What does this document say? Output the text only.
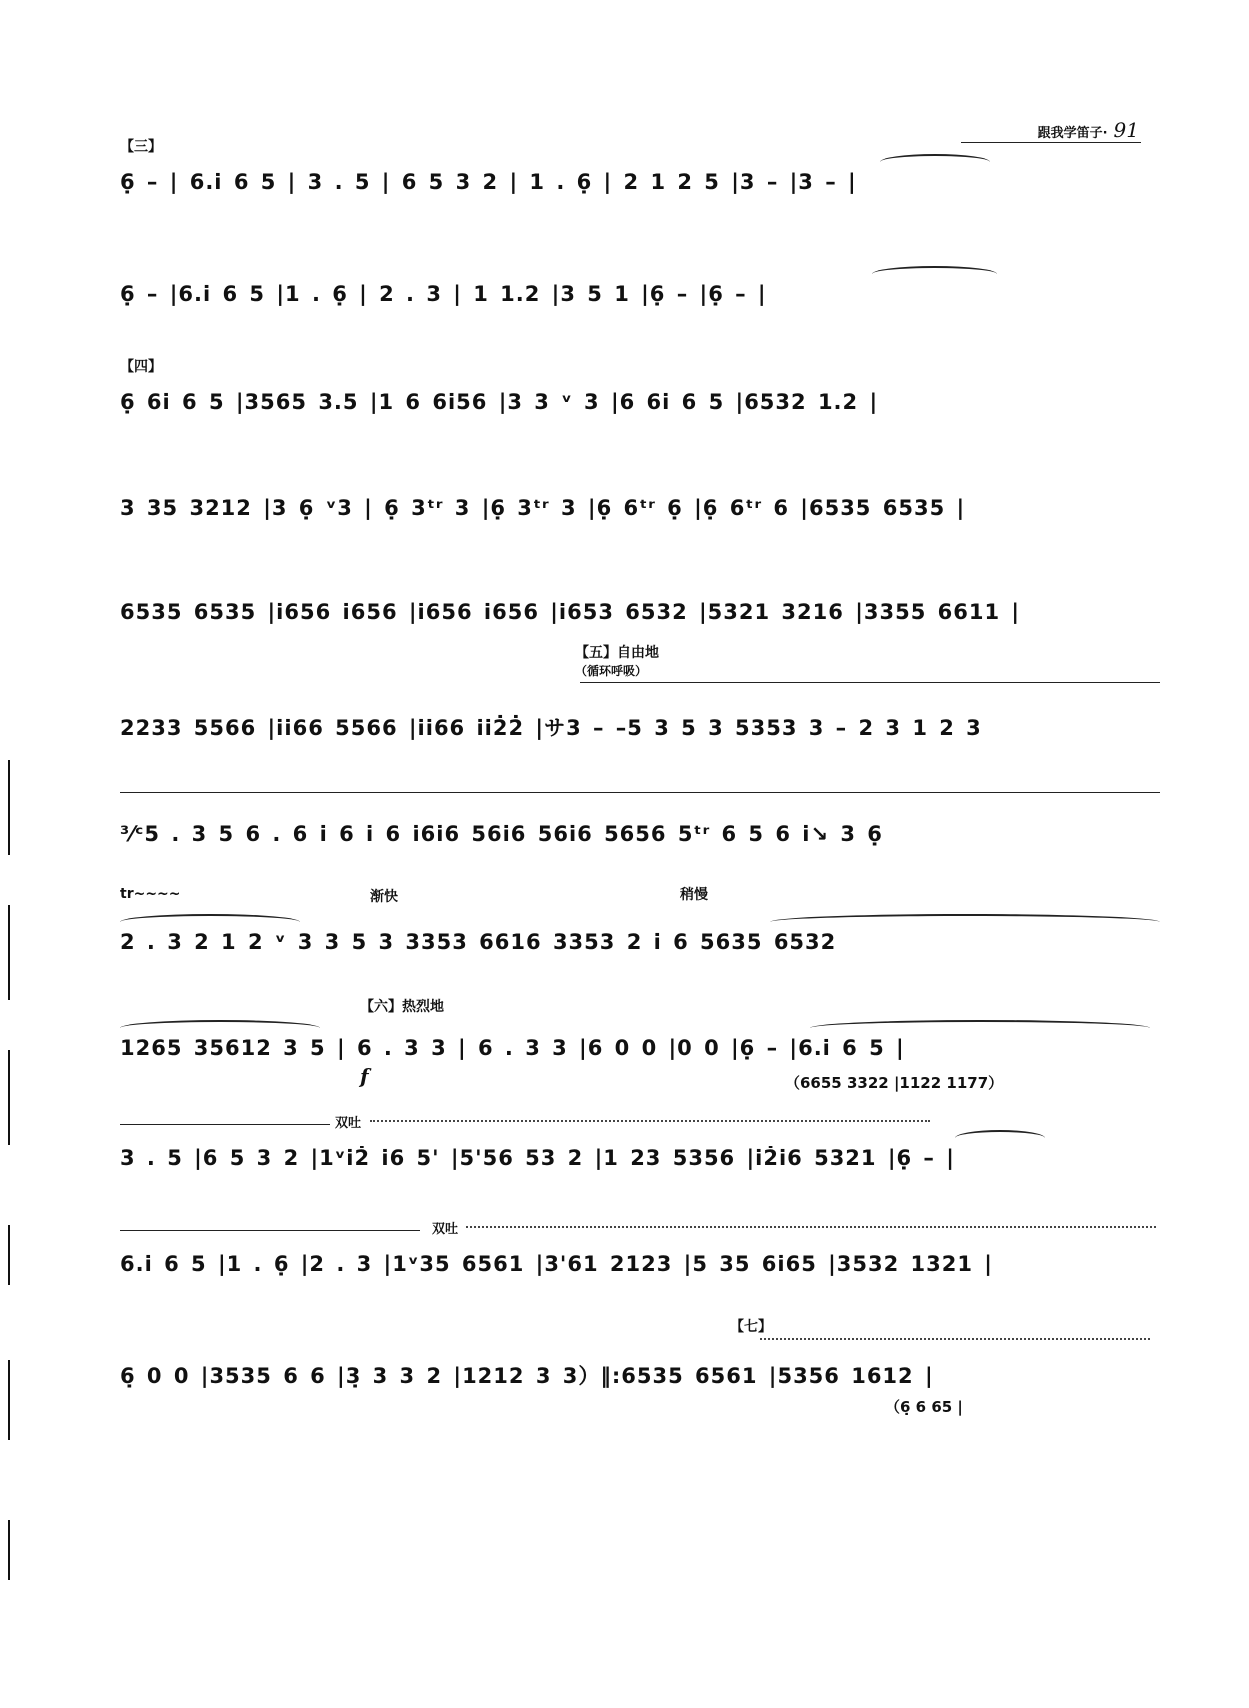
跟我学笛子· 91
【三】
6̣ – | 6.i̇ 6 5 | 3 . 5 | 6 5 3 2 | 1 . 6̣ | 2 1 2 5 |3 – |3 – |
6̣ – |6.i̇ 6 5 |1 . 6̣ | 2 . 3 | 1 1.2 |3 5 1 |6̣ – |6̣ – |
【四】
6̣ 6i̇ 6 5 |3565 3.5 |1 6 6i̇56 |3 3 ᵛ 3 |6 6i̇ 6 5 |6532 1.2 |
3 35 3212 |3 6̣ ᵛ3 | 6̣ 3ᵗʳ 3 |6̣ 3ᵗʳ 3 |6̣ 6ᵗʳ 6̣ |6̣ 6ᵗʳ 6 |6535 6535 |
6535 6535 |i̇656 i̇656 |i̇656 i̇656 |i̇653 6532 |5321 3216 |3355 6611 |
【五】自由地
（循环呼吸）
2233 5566 |i̇i̇66 5566 |i̇i̇66 i̇i̇2̇2̇ |サ3 – –5 3 5 3 5353 3 – 2 3 1 2 3
³⁄ᶜ5 . 3 5 6 . 6 i̇ 6 i̇ 6 i̇6i̇6 56i̇6 56i̇6 5656 5ᵗʳ 6 5 6 i̇↘ 3 6̣
tr~~~~	渐快	稍慢
2 . 3 2 1 2 ᵛ 3 3 5 3 3353 6616 3353 2 i̇ 6 5635 6532
【六】热烈地
1265 35612 3 5 | 6 . 3 3 | 6 . 3 3 |6 0 0 |0 0 |6̣ – |6.i̇ 6 5 |
（6655 3322 |1122 1177）
f
双吐
3 . 5 |6 5 3 2 |1ᵛi̇2̇ i̇6 5' |5'56 53 2 |1 23 5356 |i̇2̇i̇6 5321 |6̣ – |
双吐
6.i̇ 6 5 |1 . 6̣ |2 . 3 |1ᵛ35 6561 |3'61 2123 |5 35 6i̇65 |3532 1321 |
【七】
6̣ 0 0 |3535 6 6 |3̣ 3 3 2 |1212 3 3）‖:6535 6561 |5356 1612 |
（6̣ 6 65 |
